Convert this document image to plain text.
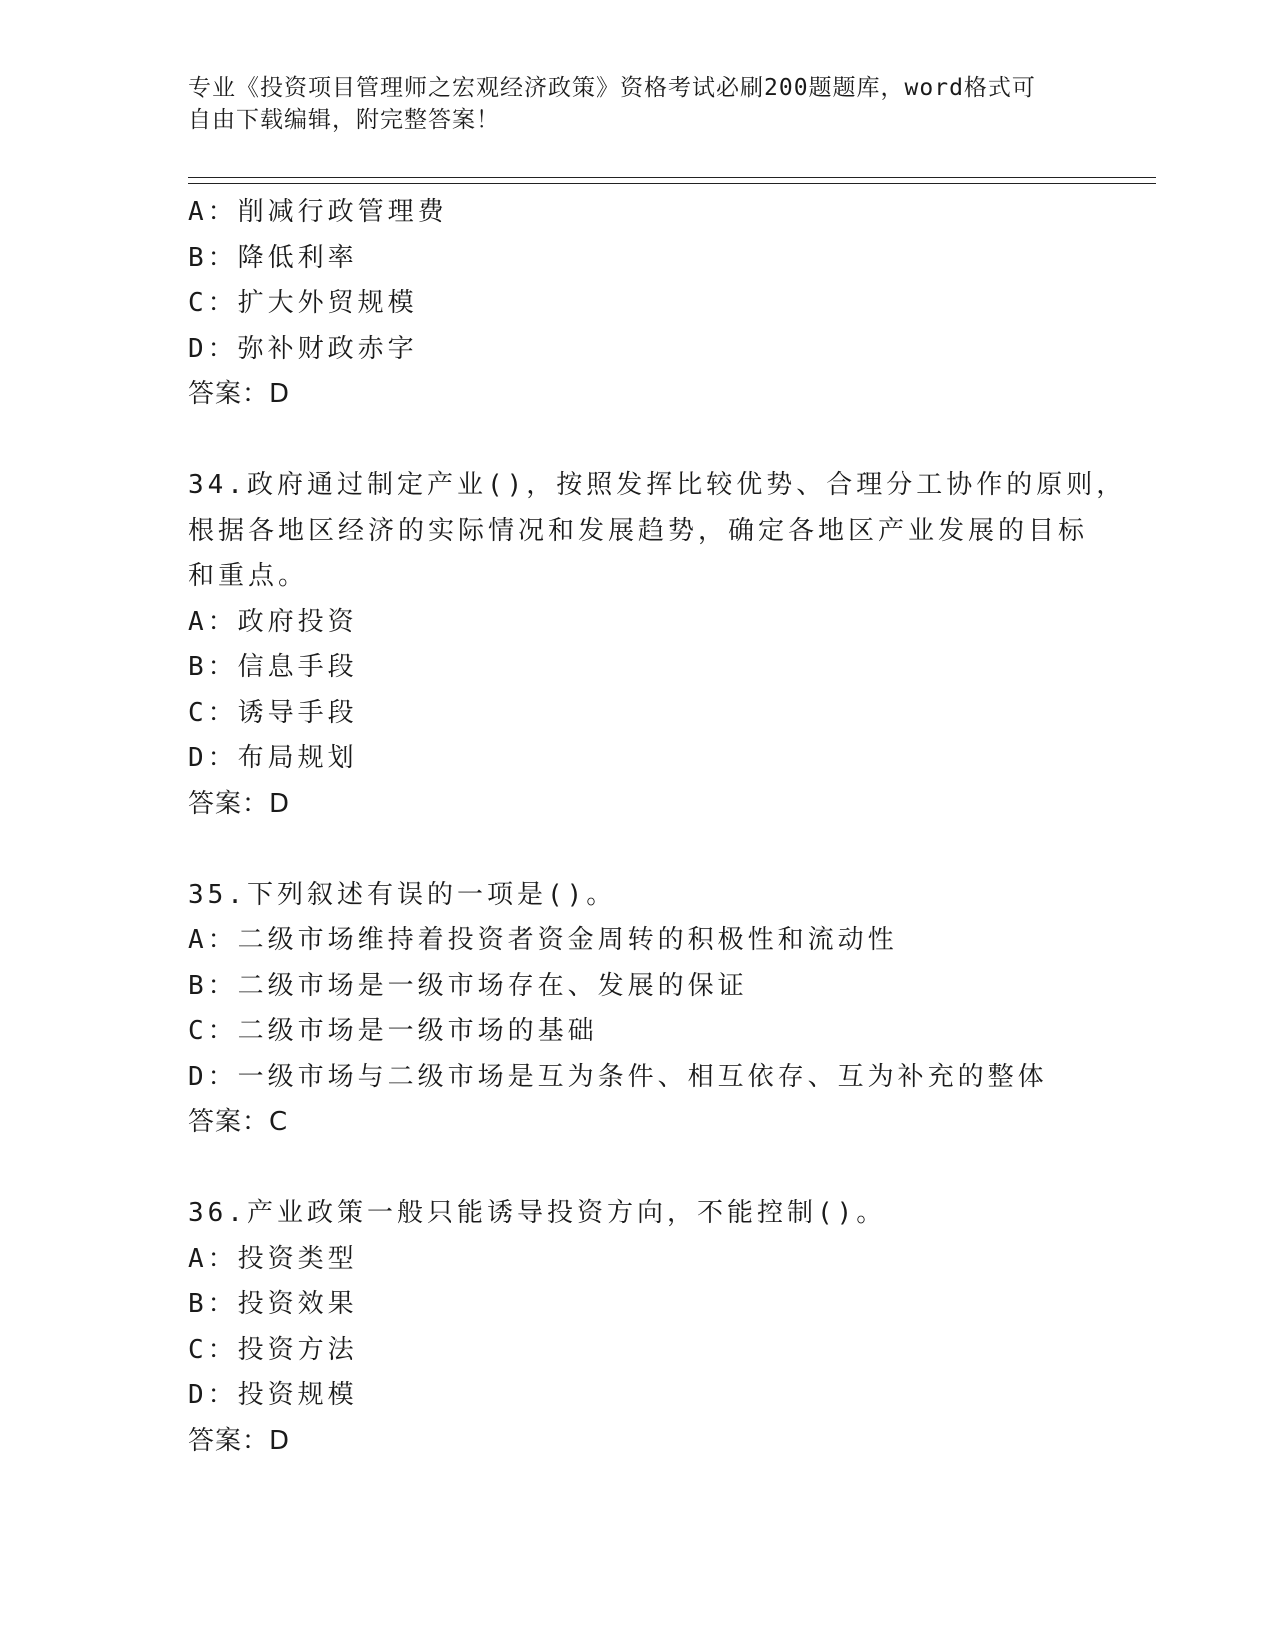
专业《投资项目管理师之宏观经济政策》资格考试必刷200题题库，word格式可
自由下载编辑，附完整答案！
A：削减行政管理费
B：降低利率
C：扩大外贸规模
D：弥补财政赤字
答案：D
34.政府通过制定产业()，按照发挥比较优势、合理分工协作的原则，
根据各地区经济的实际情况和发展趋势，确定各地区产业发展的目标
和重点。
A：政府投资
B：信息手段
C：诱导手段
D：布局规划
答案：D
35.下列叙述有误的一项是()。
A：二级市场维持着投资者资金周转的积极性和流动性
B：二级市场是一级市场存在、发展的保证
C：二级市场是一级市场的基础
D：一级市场与二级市场是互为条件、相互依存、互为补充的整体
答案：C
36.产业政策一般只能诱导投资方向，不能控制()。
A：投资类型
B：投资效果
C：投资方法
D：投资规模
答案：D
